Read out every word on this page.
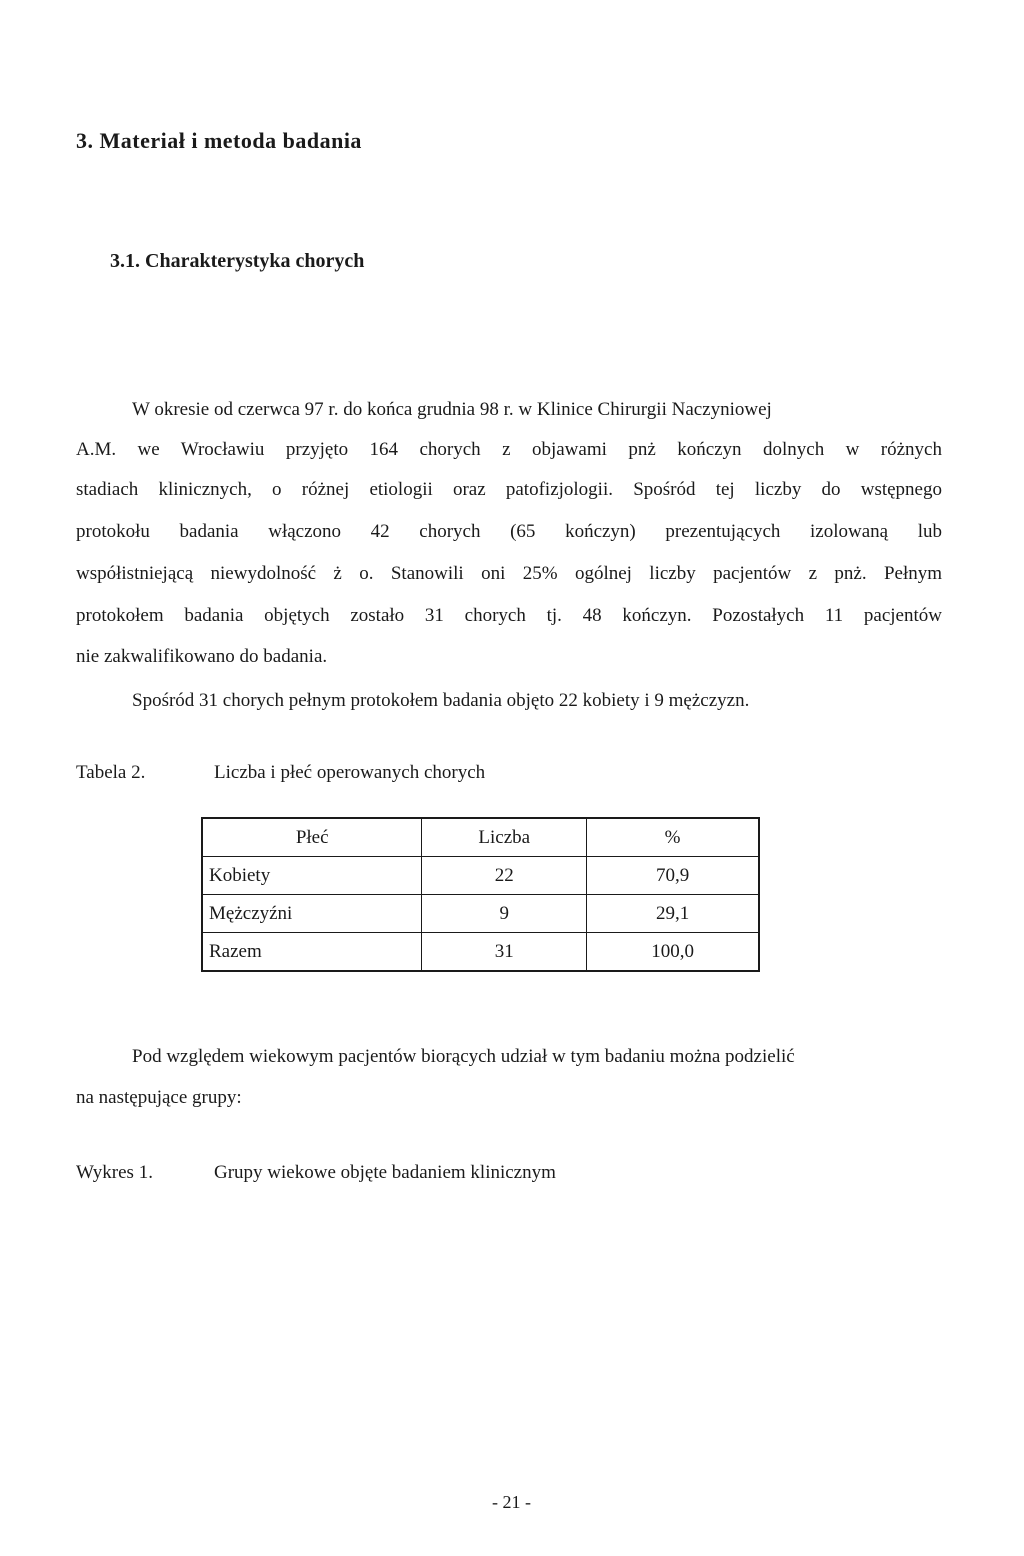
3. Materiał i metoda badania
3.1. Charakterystyka chorych
W okresie od czerwca 97 r. do końca grudnia 98 r. w Klinice Chirurgii Naczyniowej
A.M. we Wrocławiu przyjęto 164 chorych z objawami pnż kończyn dolnych w różnych
stadiach klinicznych, o różnej etiologii oraz patofizjologii. Spośród tej liczby do wstępnego
protokołu badania włączono 42 chorych (65 kończyn) prezentujących izolowaną lub
współistniejącą niewydolność ż o. Stanowili oni 25% ogólnej liczby pacjentów z pnż. Pełnym
protokołem badania objętych zostało 31 chorych tj. 48 kończyn. Pozostałych 11 pacjentów
nie zakwalifikowano do badania.
Spośród 31 chorych pełnym protokołem badania objęto 22 kobiety i 9 mężczyzn.
Tabela 2.	Liczba i płeć operowanych chorych
Płeć	Liczba	%
Kobiety	22	70,9
Mężczyźni	9	29,1
Razem	31	100,0
Pod względem wiekowym pacjentów biorących udział w tym badaniu można podzielić
na następujące grupy:
Wykres 1.	Grupy wiekowe objęte badaniem klinicznym
- 21 -
